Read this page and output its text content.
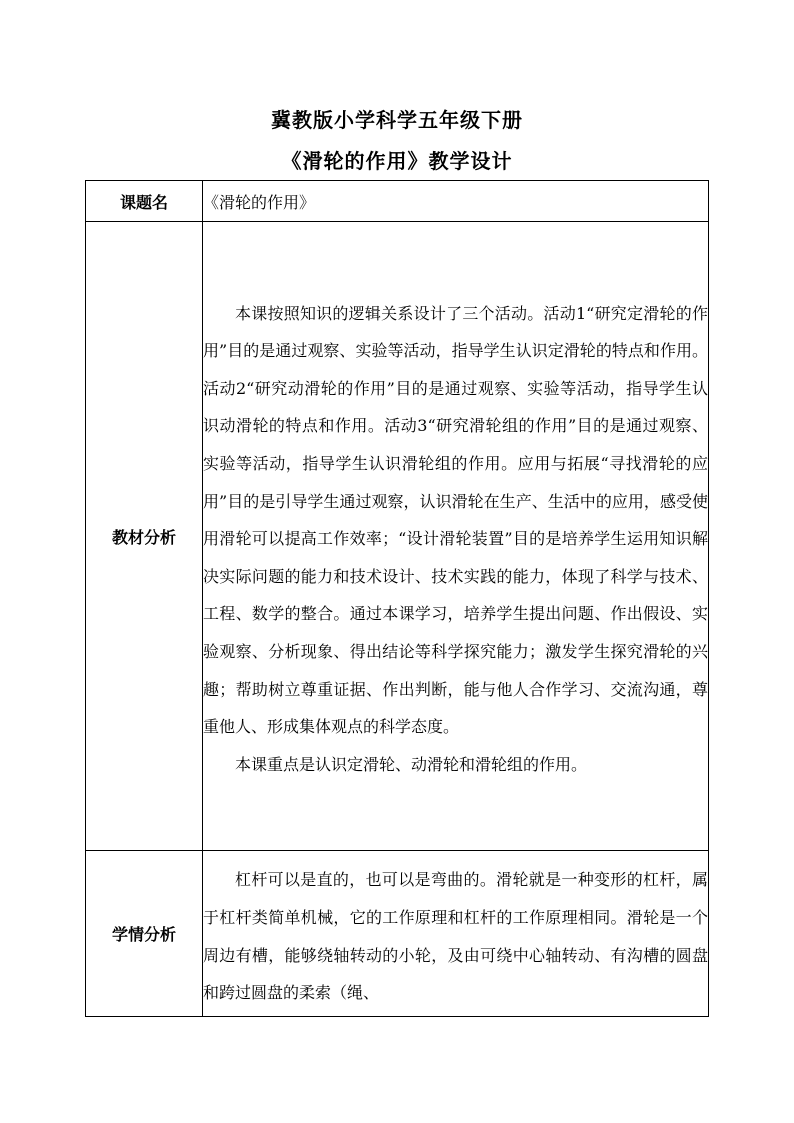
冀教版小学科学五年级下册
《滑轮的作用》教学设计
课题名	《滑轮的作用》
教材分析	本课按照知识的逻辑关系设计了三个活动。活动1“研究定滑轮的作用”目的是通过观察、实验等活动，指导学生认识定滑轮的特点和作用。活动2“研究动滑轮的作用”目的是通过观察、实验等活动，指导学生认识动滑轮的特点和作用。活动3“研究滑轮组的作用”目的是通过观察、实验等活动，指导学生认识滑轮组的作用。应用与拓展“寻找滑轮的应用”目的是引导学生通过观察，认识滑轮在生产、生活中的应用，感受使用滑轮可以提高工作效率；“设计滑轮装置”目的是培养学生运用知识解决实际问题的能力和技术设计、技术实践的能力，体现了科学与技术、工程、数学的整合。通过本课学习，培养学生提出问题、作出假设、实验观察、分析现象、得出结论等科学探究能力；激发学生探究滑轮的兴趣；帮助树立尊重证据、作出判断，能与他人合作学习、交流沟通，尊重他人、形成集体观点的科学态度。

本课重点是认识定滑轮、动滑轮和滑轮组的作用。

学情分析	杠杆可以是直的，也可以是弯曲的。滑轮就是一种变形的杠杆，属于杠杆类简单机械，它的工作原理和杠杆的工作原理相同。滑轮是一个周边有槽，能够绕轴转动的小轮，及由可绕中心轴转动、有沟槽的圆盘和跨过圆盘的柔索（绳、
